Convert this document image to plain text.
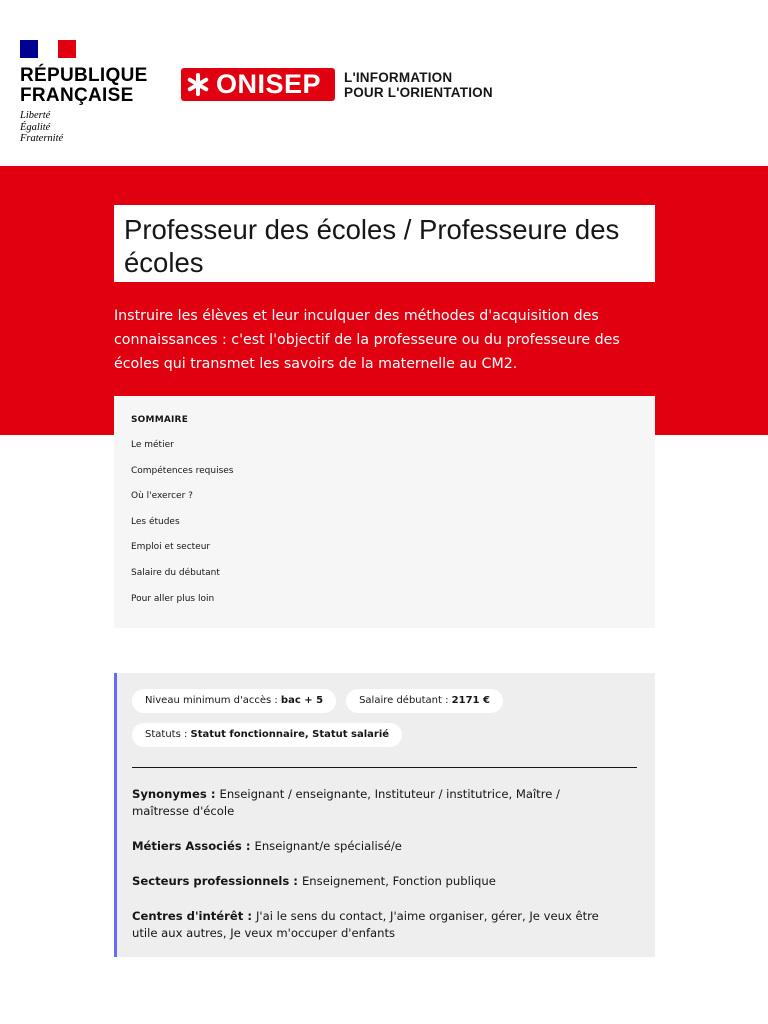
RÉPUBLIQUE
FRANÇAISE
Liberté
Égalité
Fraternité
ONISEP L'INFORMATION
POUR L'ORIENTATION
Professeur des écoles / Professeure des écoles

Instruire les élèves et leur inculquer des méthodes d'acquisition des connaissances : c'est l'objectif de la professeure ou du professeure des écoles qui transmet les savoirs de la maternelle au CM2.

SOMMAIRE
Le métier
Compétences requises
Où l'exercer ?
Les études
Emploi et secteur
Salaire du débutant
Pour aller plus loin
Niveau minimum d'accès : bac + 5	Salaire débutant : 2171 €
Statuts : Statut fonctionnaire, Statut salarié
Synonymes : Enseignant / enseignante, Instituteur / institutrice, Maître / maîtresse d'école
Métiers Associés : Enseignant/e spécialisé/e
Secteurs professionnels : Enseignement, Fonction publique
Centres d'intérêt : J'ai le sens du contact, J'aime organiser, gérer, Je veux être utile aux autres, Je veux m'occuper d'enfants
